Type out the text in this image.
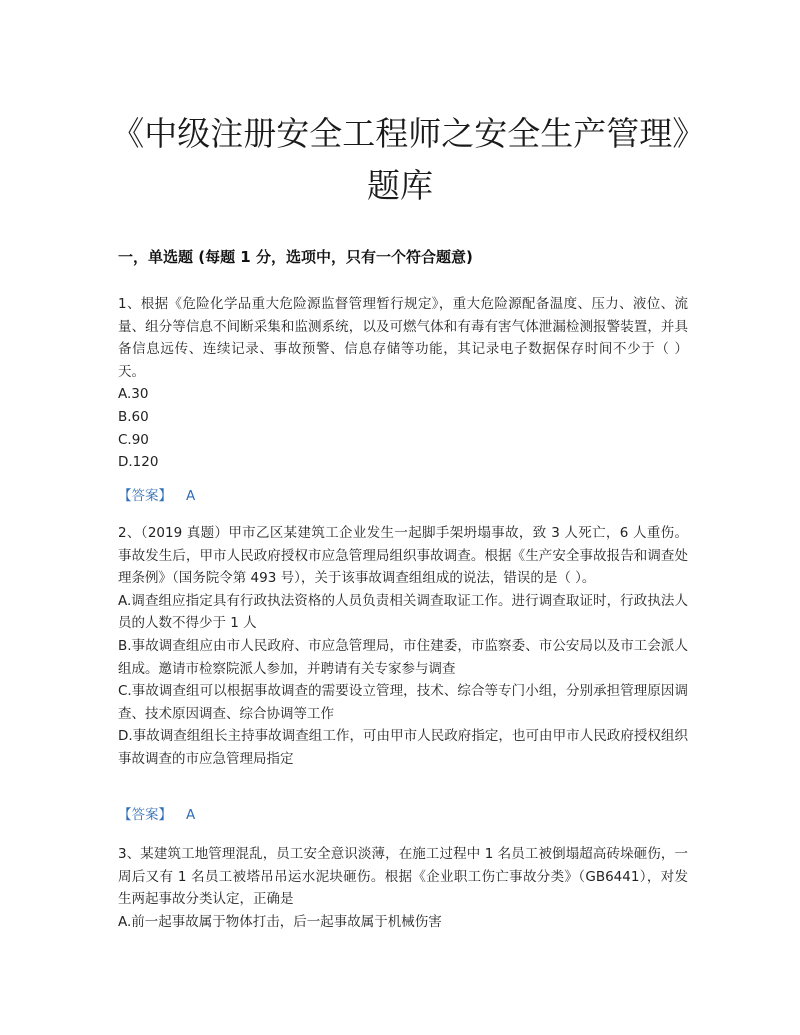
《中级注册安全工程师之安全生产管理》题库
一，单选题 (每题 1 分，选项中，只有一个符合题意)
1、根据《危险化学品重大危险源监督管理暂行规定》，重大危险源配备温度、压力、液位、流量、组分等信息不间断采集和监测系统，以及可燃气体和有毒有害气体泄漏检测报警装置，并具备信息远传、连续记录、事故预警、信息存储等功能，其记录电子数据保存时间不少于（ ）天。
A.30
B.60
C.90
D.120
【答案】 A
2、（2019 真题）甲市乙区某建筑工企业发生一起脚手架坍塌事故，致 3 人死亡，6 人重伤。事故发生后，甲市人民政府授权市应急管理局组织事故调查。根据《生产安全事故报告和调查处理条例》（国务院令第 493 号），关于该事故调查组组成的说法，错误的是（ ）。
A.调查组应指定具有行政执法资格的人员负责相关调查取证工作。进行调查取证时，行政执法人员的人数不得少于 1 人
B.事故调查组应由市人民政府、市应急管理局，市住建委，市监察委、市公安局以及市工会派人组成。邀请市检察院派人参加，并聘请有关专家参与调查
C.事故调查组可以根据事故调查的需要设立管理，技术、综合等专门小组，分别承担管理原因调查、技术原因调查、综合协调等工作
D.事故调查组组长主持事故调查组工作，可由甲市人民政府指定，也可由甲市人民政府授权组织事故调查的市应急管理局指定
【答案】 A
3、某建筑工地管理混乱，员工安全意识淡薄，在施工过程中 1 名员工被倒塌超高砖垛砸伤，一周后又有 1 名员工被塔吊吊运水泥块砸伤。根据《企业职工伤亡事故分类》（GB6441），对发生两起事故分类认定，正确是
A.前一起事故属于物体打击，后一起事故属于机械伤害
